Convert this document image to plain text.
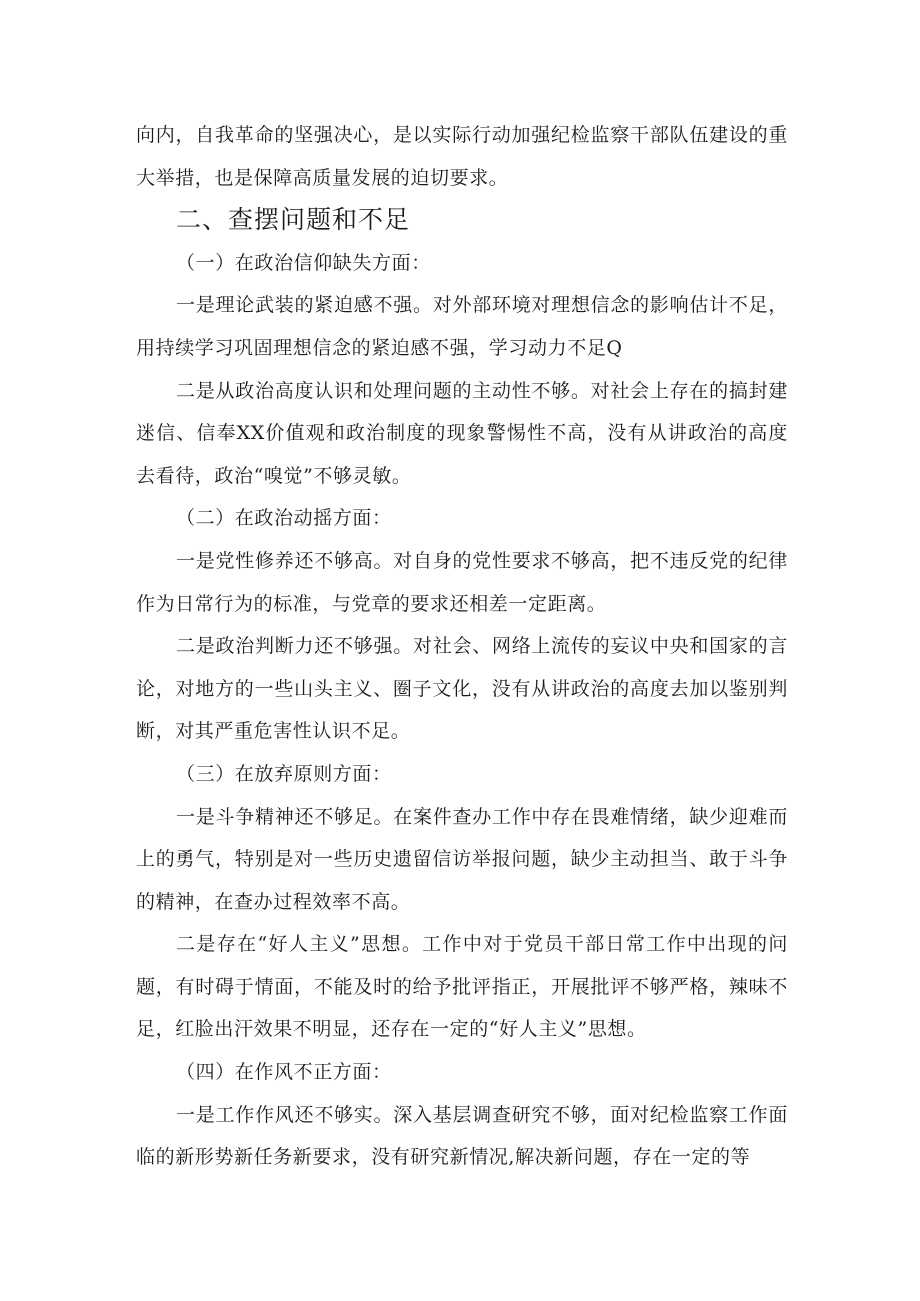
向内，自我革命的坚强决心，是以实际行动加强纪检监察干部队伍建设的重大举措，也是保障高质量发展的迫切要求。

二、查摆问题和不足

（一）在政治信仰缺失方面：

一是理论武装的紧迫感不强。对外部环境对理想信念的影响估计不足，用持续学习巩固理想信念的紧迫感不强，学习动力不足Q

二是从政治高度认识和处理问题的主动性不够。对社会上存在的搞封建迷信、信奉XX价值观和政治制度的现象警惕性不高，没有从讲政治的高度去看待，政治“嗅觉”不够灵敏。

（二）在政治动摇方面：

一是党性修养还不够高。对自身的党性要求不够高，把不违反党的纪律作为日常行为的标准，与党章的要求还相差一定距离。

二是政治判断力还不够强。对社会、网络上流传的妄议中央和国家的言论，对地方的一些山头主义、圈子文化，没有从讲政治的高度去加以鉴别判断，对其严重危害性认识不足。

（三）在放弃原则方面：

一是斗争精神还不够足。在案件查办工作中存在畏难情绪，缺少迎难而上的勇气，特别是对一些历史遗留信访举报问题，缺少主动担当、敢于斗争的精神，在查办过程效率不高。

二是存在“好人主义”思想。工作中对于党员干部日常工作中出现的问题，有时碍于情面，不能及时的给予批评指正，开展批评不够严格，辣味不足，红脸出汗效果不明显，还存在一定的“好人主义”思想。

（四）在作风不正方面：

一是工作作风还不够实。深入基层调查研究不够，面对纪检监察工作面临的新形势新任务新要求，没有研究新情况,解决新问题，存在一定的等
